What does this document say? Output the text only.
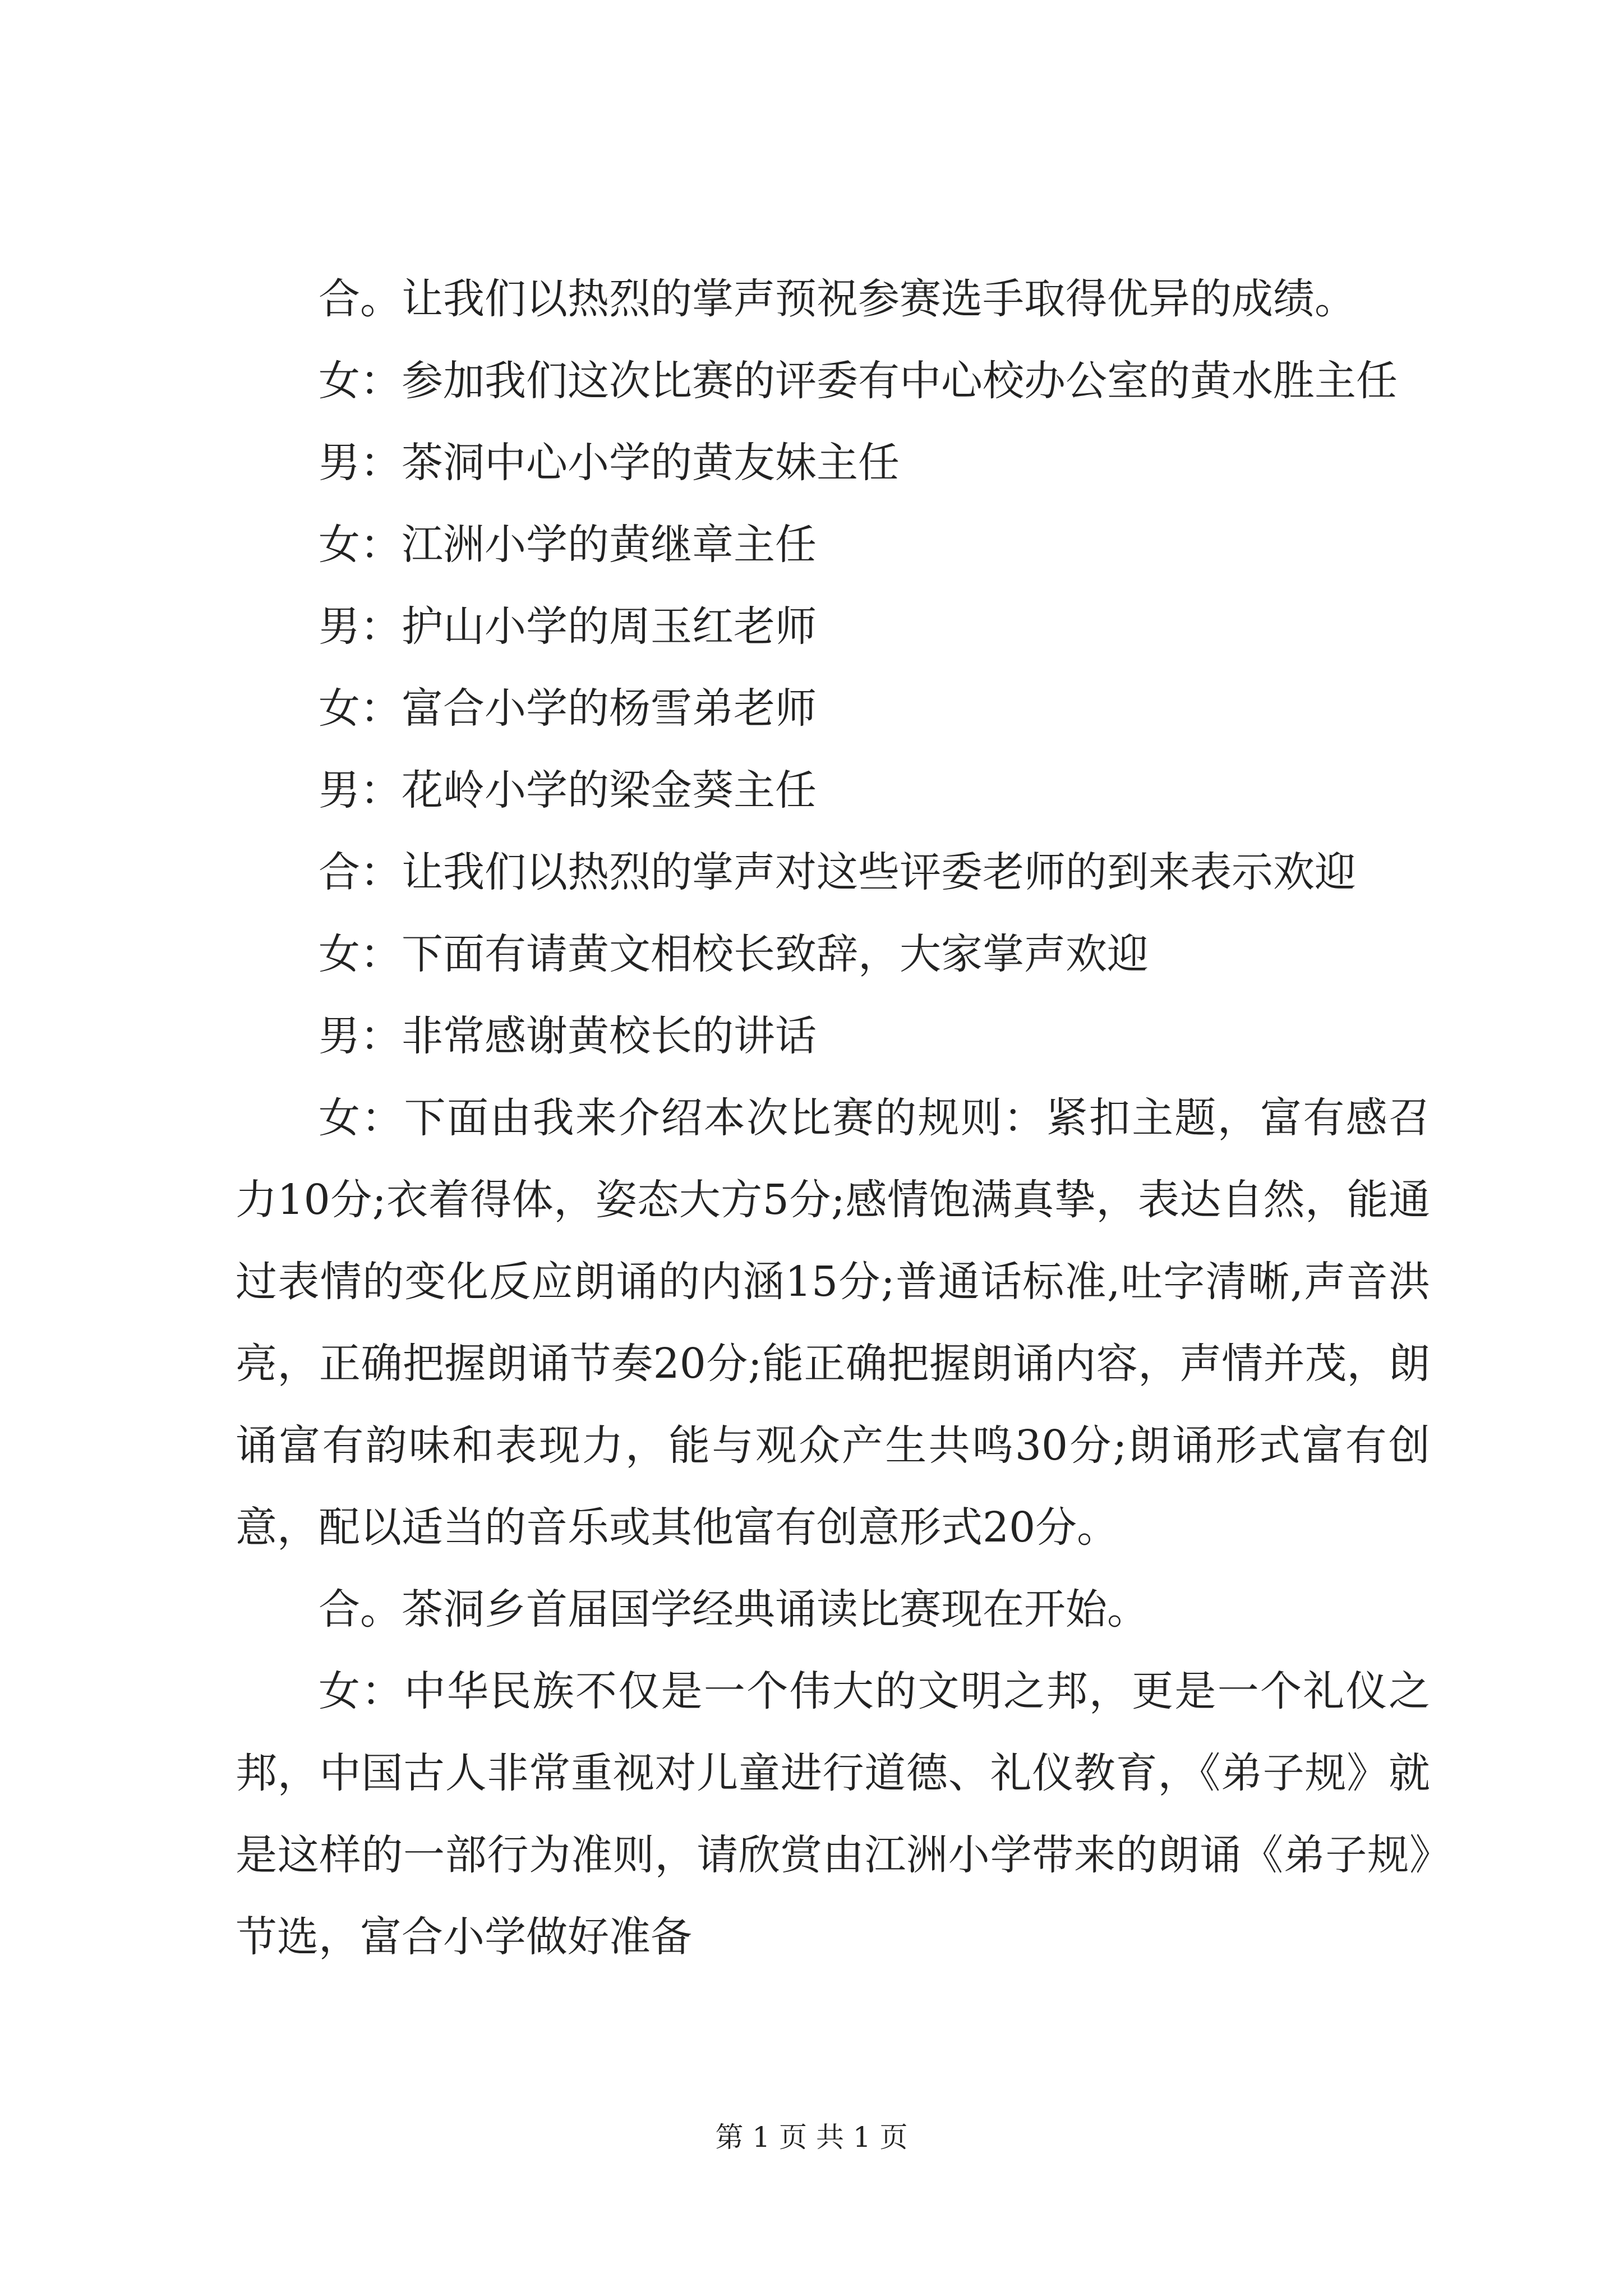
合。让我们以热烈的掌声预祝参赛选手取得优异的成绩。

女：参加我们这次比赛的评委有中心校办公室的黄水胜主任

男：茶洞中心小学的黄友妹主任

女：江洲小学的黄继章主任

男：护山小学的周玉红老师

女：富合小学的杨雪弟老师

男：花岭小学的梁金葵主任

合：让我们以热烈的掌声对这些评委老师的到来表示欢迎

女：下面有请黄文相校长致辞，大家掌声欢迎

男：非常感谢黄校长的讲话

女：下面由我来介绍本次比赛的规则：紧扣主题，富有感召力10分;衣着得体，姿态大方5分;感情饱满真挚，表达自然，能通过表情的变化反应朗诵的内涵15分;普通话标准,吐字清晰,声音洪亮，正确把握朗诵节奏20分;能正确把握朗诵内容，声情并茂，朗诵富有韵味和表现力，能与观众产生共鸣30分;朗诵形式富有创意，配以适当的音乐或其他富有创意形式20分。

合。茶洞乡首届国学经典诵读比赛现在开始。

女：中华民族不仅是一个伟大的文明之邦，更是一个礼仪之邦，中国古人非常重视对儿童进行道德、礼仪教育，《弟子规》就是这样的一部行为准则，请欣赏由江洲小学带来的朗诵《弟子规》节选，富合小学做好准备

第 1 页 共 1 页
